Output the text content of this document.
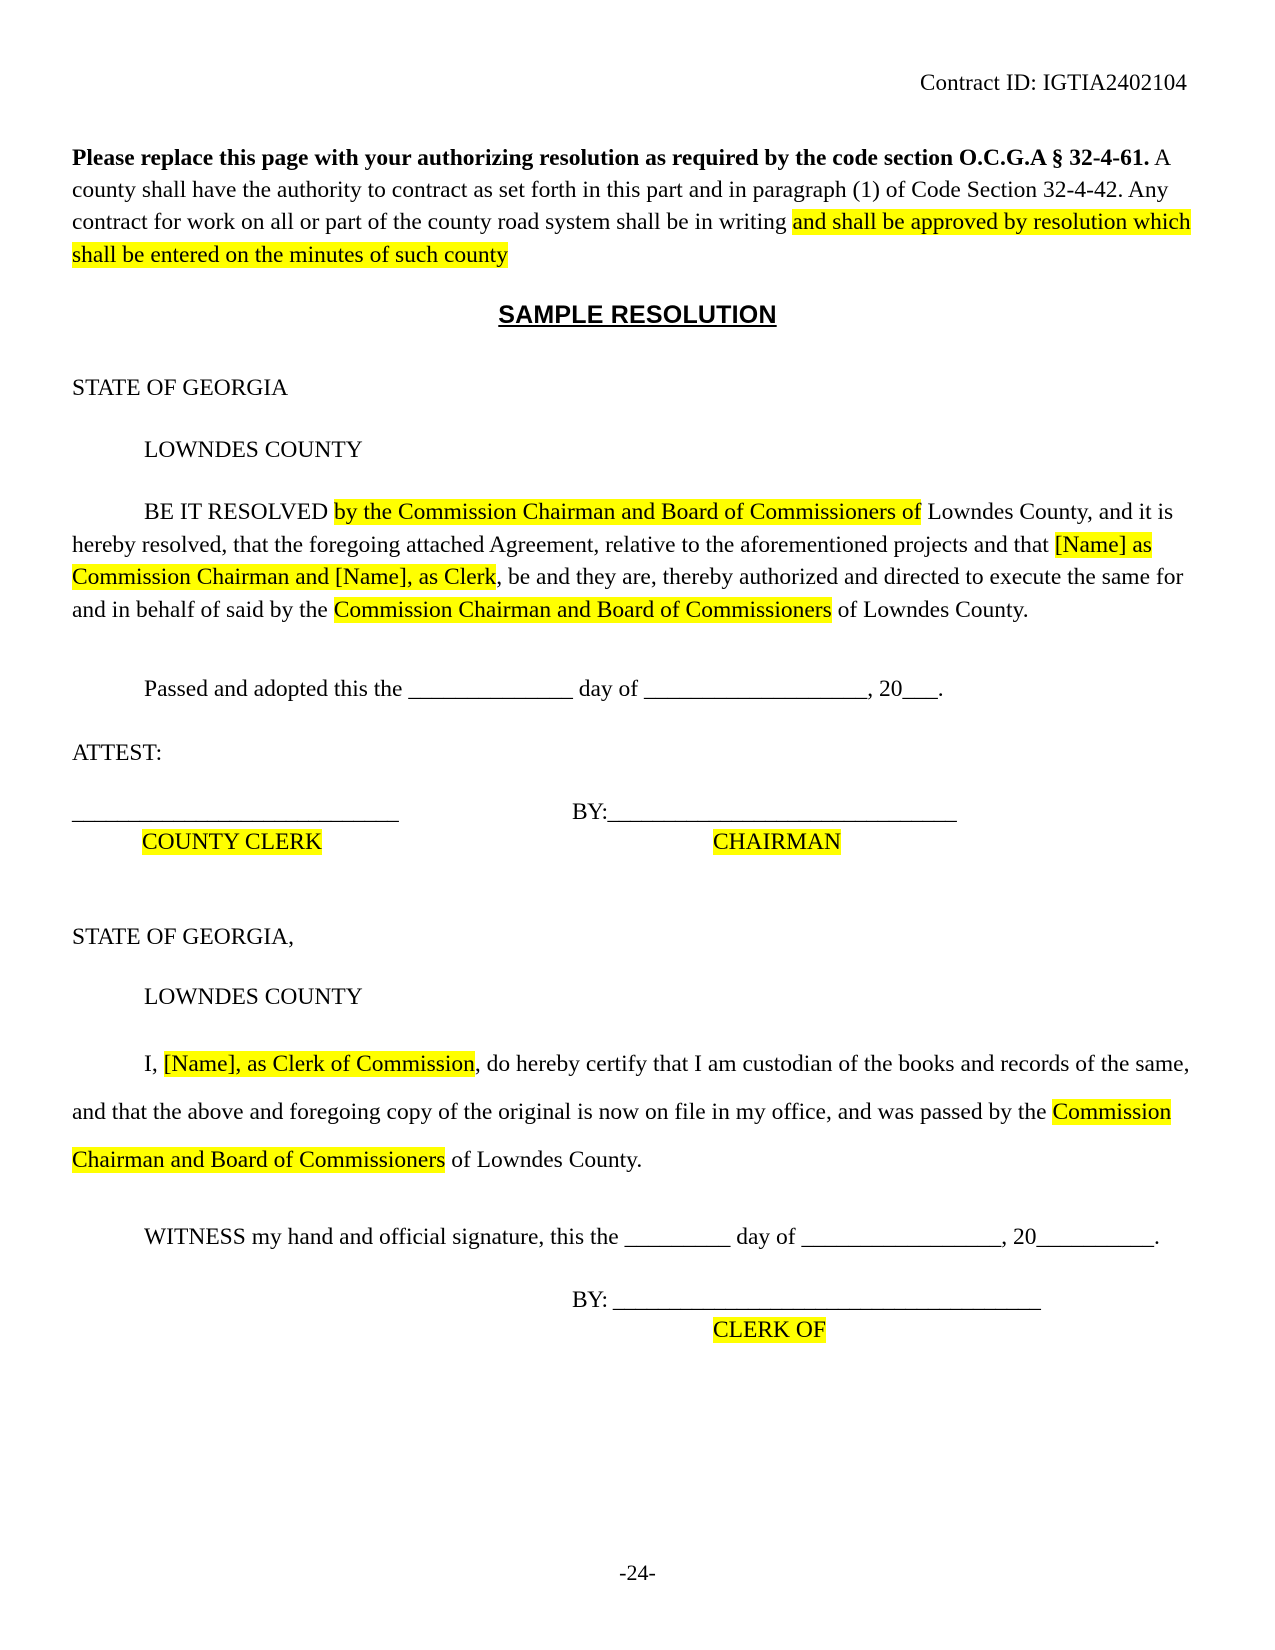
Contract ID: IGTIA2402104
Please replace this page with your authorizing resolution as required by the code section O.C.G.A § 32-4-61. A county shall have the authority to contract as set forth in this part and in paragraph (1) of Code Section 32-4-42. Any contract for work on all or part of the county road system shall be in writing and shall be approved by resolution which shall be entered on the minutes of such county
SAMPLE RESOLUTION
STATE OF GEORGIA
LOWNDES COUNTY
BE IT RESOLVED by the Commission Chairman and Board of Commissioners of Lowndes County, and it is hereby resolved, that the foregoing attached Agreement, relative to the aforementioned projects and that [Name] as Commission Chairman and [Name], as Clerk, be and they are, thereby authorized and directed to execute the same for and in behalf of said by the Commission Chairman and Board of Commissioners of Lowndes County.
Passed and adopted this the ______________ day of ___________________, 20___.
ATTEST:
_____________________________
COUNTY CLERK
BY:_______________________________
CHAIRMAN
STATE OF GEORGIA,
LOWNDES COUNTY
I, [Name], as Clerk of Commission, do hereby certify that I am custodian of the books and records of the same, and that the above and foregoing copy of the original is now on file in my office, and was passed by the Commission Chairman and Board of Commissioners of Lowndes County.
WITNESS my hand and official signature, this the _________ day of _________________, 20__________.
BY: ______________________________________
CLERK OF
-24-
